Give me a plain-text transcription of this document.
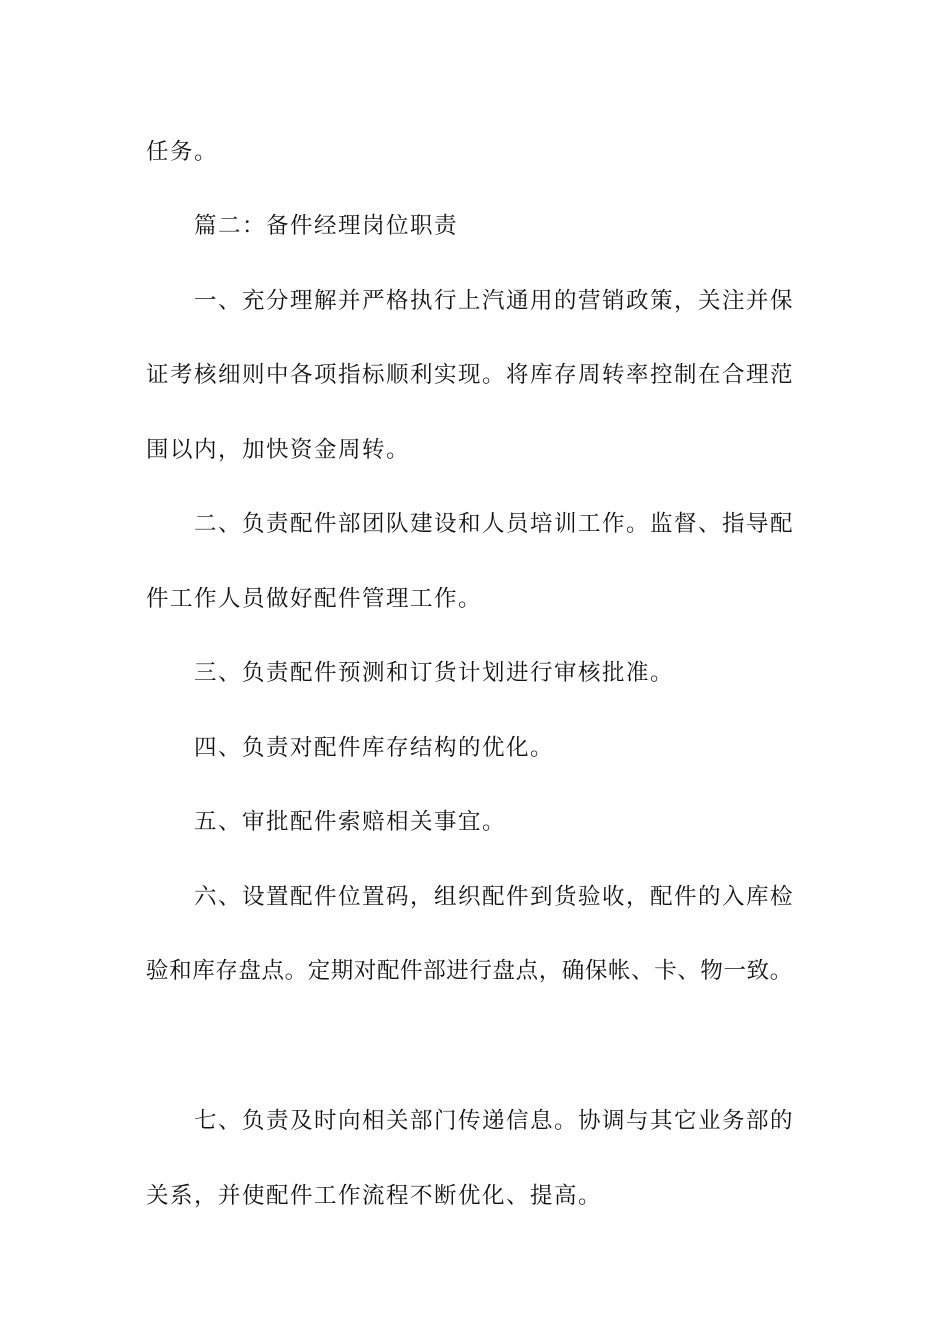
任务。

篇二：备件经理岗位职责

一、充分理解并严格执行上汽通用的营销政策，关注并保

证考核细则中各项指标顺利实现。将库存周转率控制在合理范

围以内，加快资金周转。

二、负责配件部团队建设和人员培训工作。监督、指导配

件工作人员做好配件管理工作。

三、负责配件预测和订货计划进行审核批准。

四、负责对配件库存结构的优化。

五、审批配件索赔相关事宜。

六、设置配件位置码，组织配件到货验收，配件的入库检

验和库存盘点。定期对配件部进行盘点，确保帐、卡、物一致。

七、负责及时向相关部门传递信息。协调与其它业务部的

关系，并使配件工作流程不断优化、提高。
